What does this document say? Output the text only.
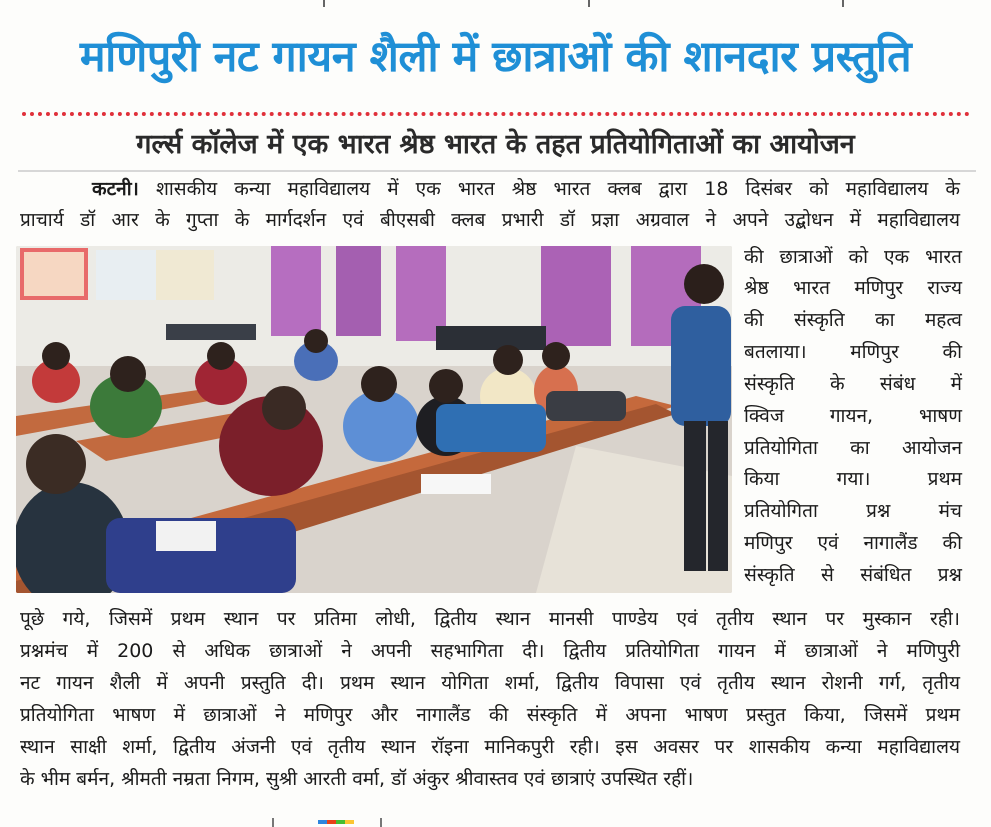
मणिपुरी नट गायन शैली में छात्राओं की शानदार प्रस्तुति
गर्ल्स कॉलेज में एक भारत श्रेष्ठ भारत के तहत प्रतियोगिताओं का आयोजन
कटनी। शासकीय कन्या महाविद्यालय में एक भारत श्रेष्ठ भारत क्लब द्वारा 18 दिसंबर को महाविद्यालय के
प्राचार्य डॉ आर के गुप्ता के मार्गदर्शन एवं बीएसबी क्लब प्रभारी डॉ प्रज्ञा अग्रवाल ने अपने उद्बोधन में महाविद्यालय
की छात्राओं को एक भारत
श्रेष्ठ भारत मणिपुर राज्य
की संस्कृति का महत्व
बतलाया। मणिपुर की
संस्कृति के संबंध में
क्विज गायन, भाषण
प्रतियोगिता का आयोजन
किया गया। प्रथम
प्रतियोगिता प्रश्न मंच
मणिपुर एवं नागालैंड की
संस्कृति से संबंधित प्रश्न
पूछे गये, जिसमें प्रथम स्थान पर प्रतिमा लोधी, द्वितीय स्थान मानसी पाण्डेय एवं तृतीय स्थान पर मुस्कान रही।
प्रश्नमंच में 200 से अधिक छात्राओं ने अपनी सहभागिता दी। द्वितीय प्रतियोगिता गायन में छात्राओं ने मणिपुरी
नट गायन शैली में अपनी प्रस्तुति दी। प्रथम स्थान योगिता शर्मा, द्वितीय विपासा एवं तृतीय स्थान रोशनी गर्ग, तृतीय
प्रतियोगिता भाषण में छात्राओं ने मणिपुर और नागालैंड की संस्कृति में अपना भाषण प्रस्तुत किया, जिसमें प्रथम
स्थान साक्षी शर्मा, द्वितीय अंजनी एवं तृतीय स्थान रॉइना मानिकपुरी रही। इस अवसर पर शासकीय कन्या महाविद्यालय
के भीम बर्मन, श्रीमती नम्रता निगम, सुश्री आरती वर्मा, डॉ अंकुर श्रीवास्तव एवं छात्राएं उपस्थित रहीं।
